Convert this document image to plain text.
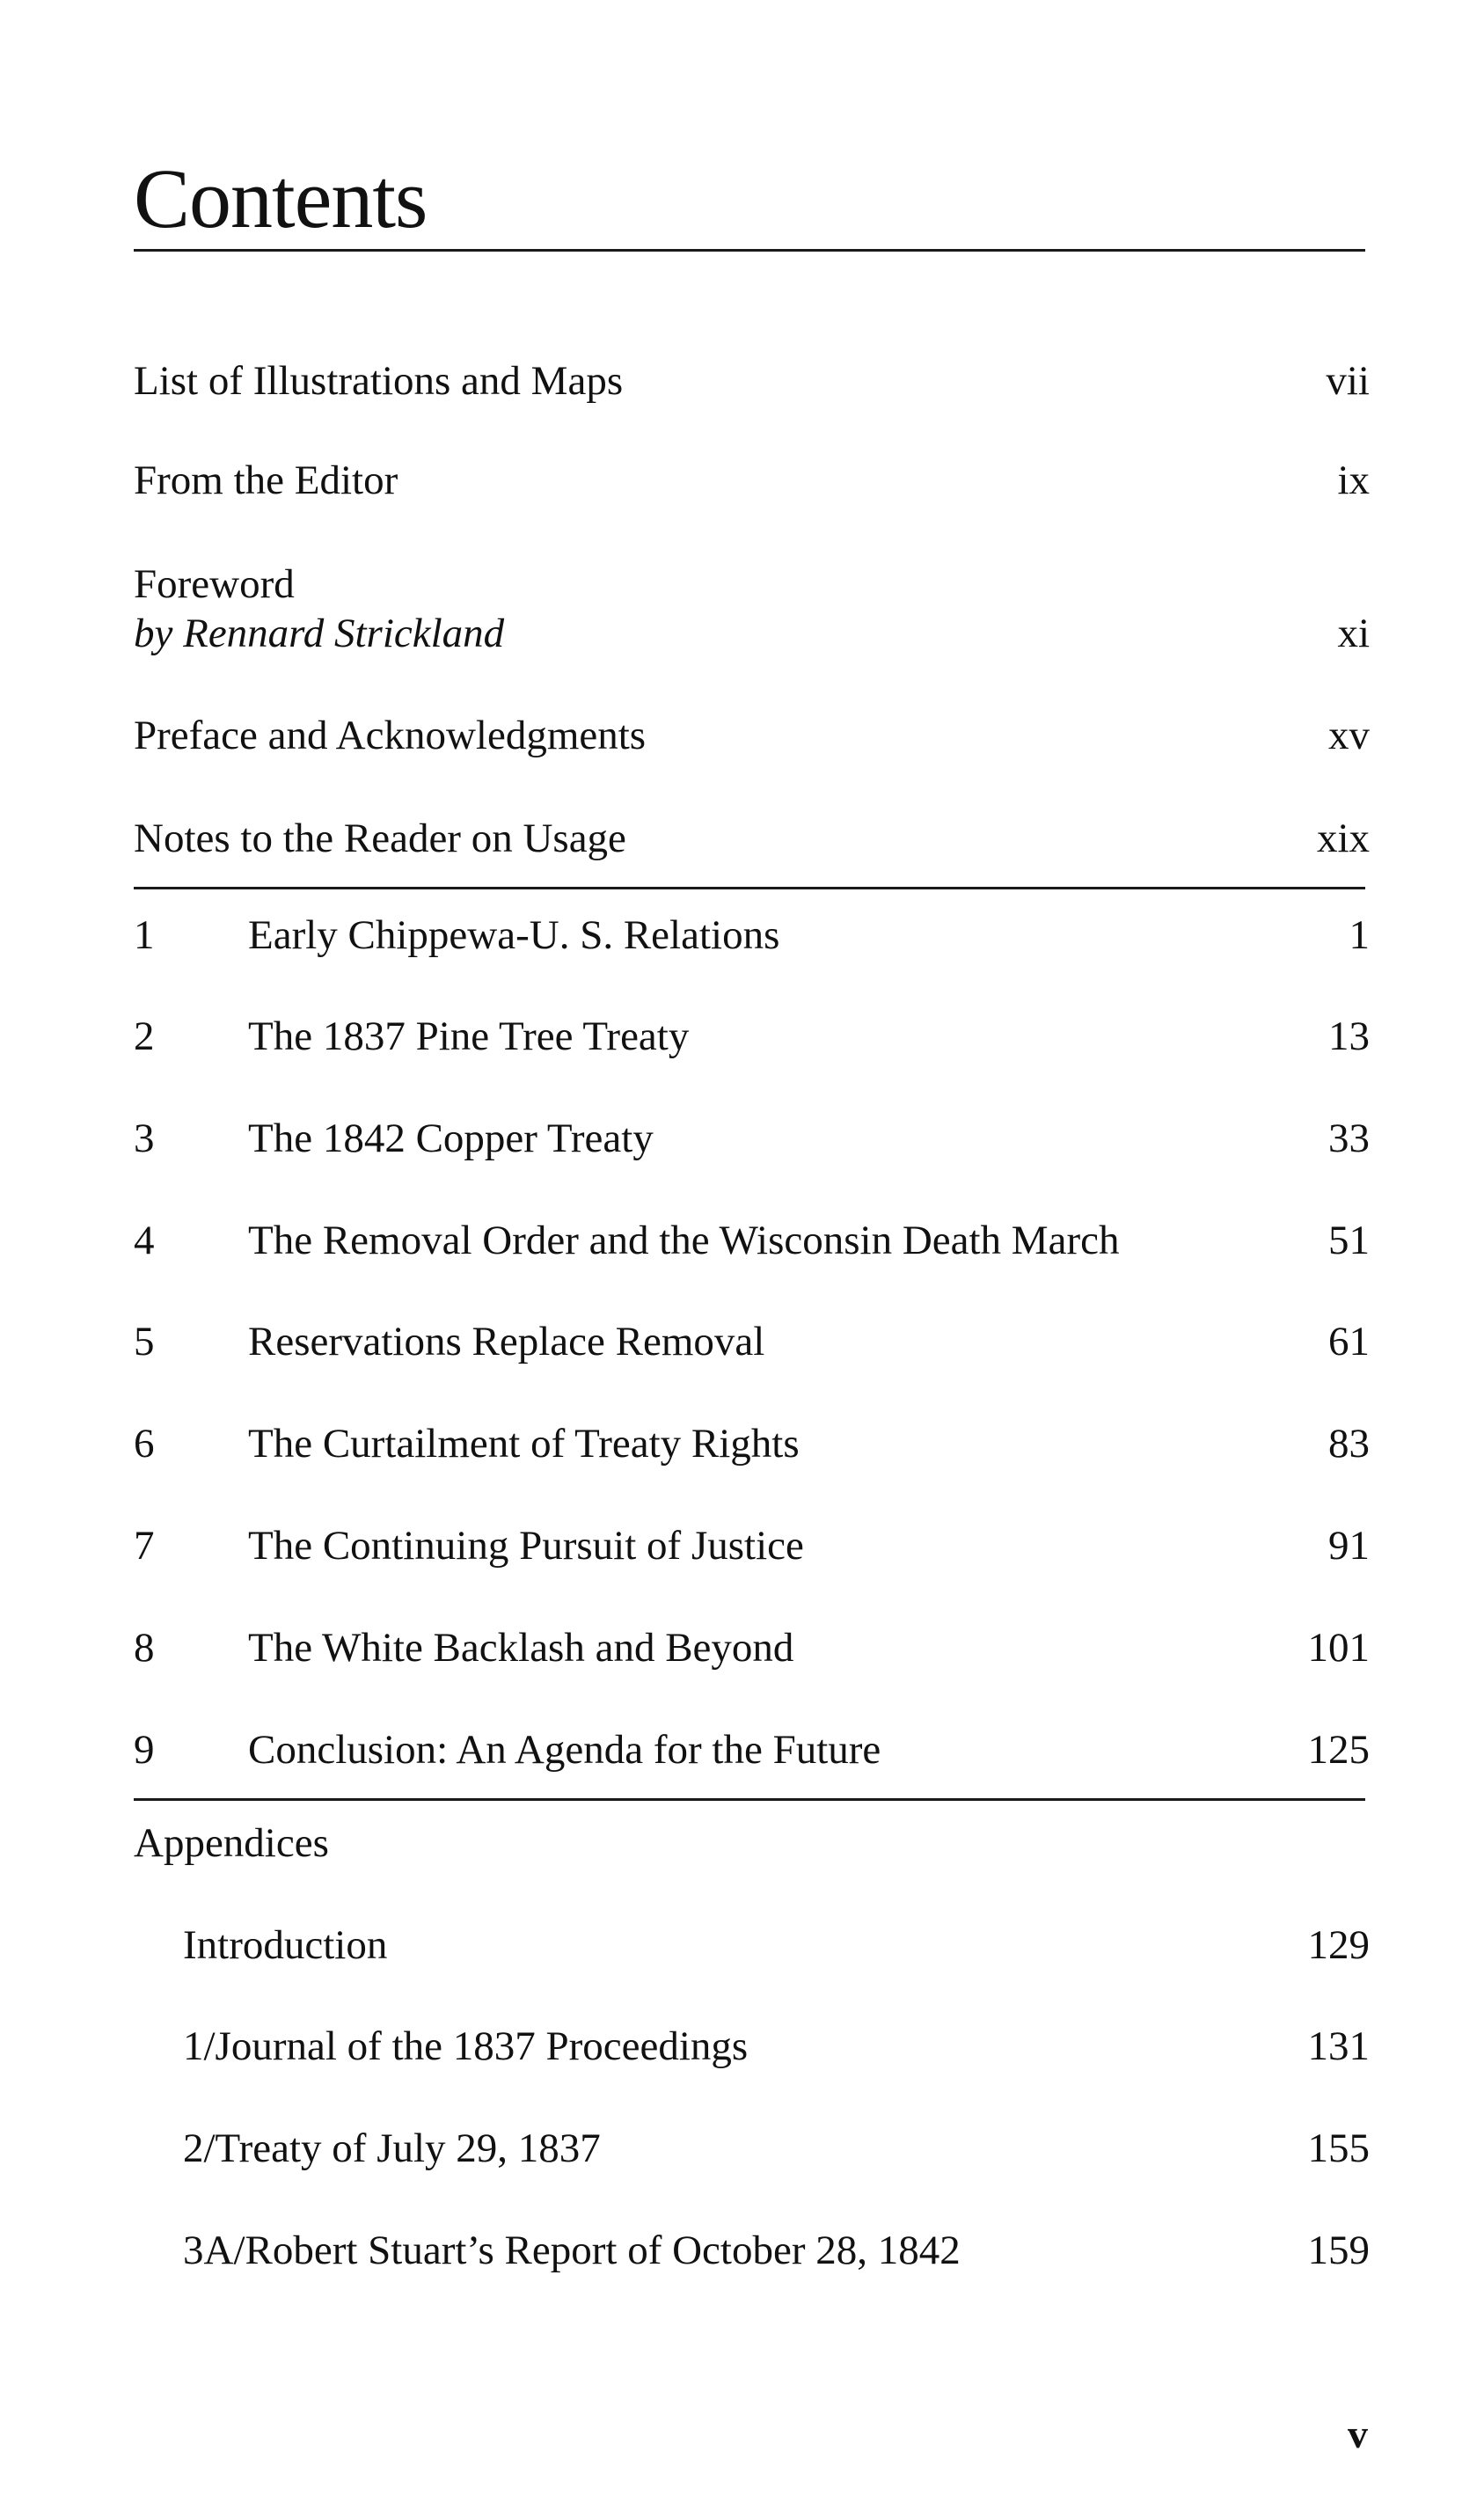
Contents
List of Illustrations and Maps	vii
From the Editor	ix
Foreword
by Rennard Strickland	xi
Preface and Acknowledgments	xv
Notes to the Reader on Usage	xix
1 Early Chippewa-U. S. Relations	1
2 The 1837 Pine Tree Treaty	13
3 The 1842 Copper Treaty	33
4 The Removal Order and the Wisconsin Death March	51
5 Reservations Replace Removal	61
6 The Curtailment of Treaty Rights	83
7 The Continuing Pursuit of Justice	91
8 The White Backlash and Beyond	101
9 Conclusion: An Agenda for the Future	125
Appendices
Introduction	129
1/Journal of the 1837 Proceedings	131
2/Treaty of July 29, 1837	155
3A/Robert Stuart’s Report of October 28, 1842	159
v
